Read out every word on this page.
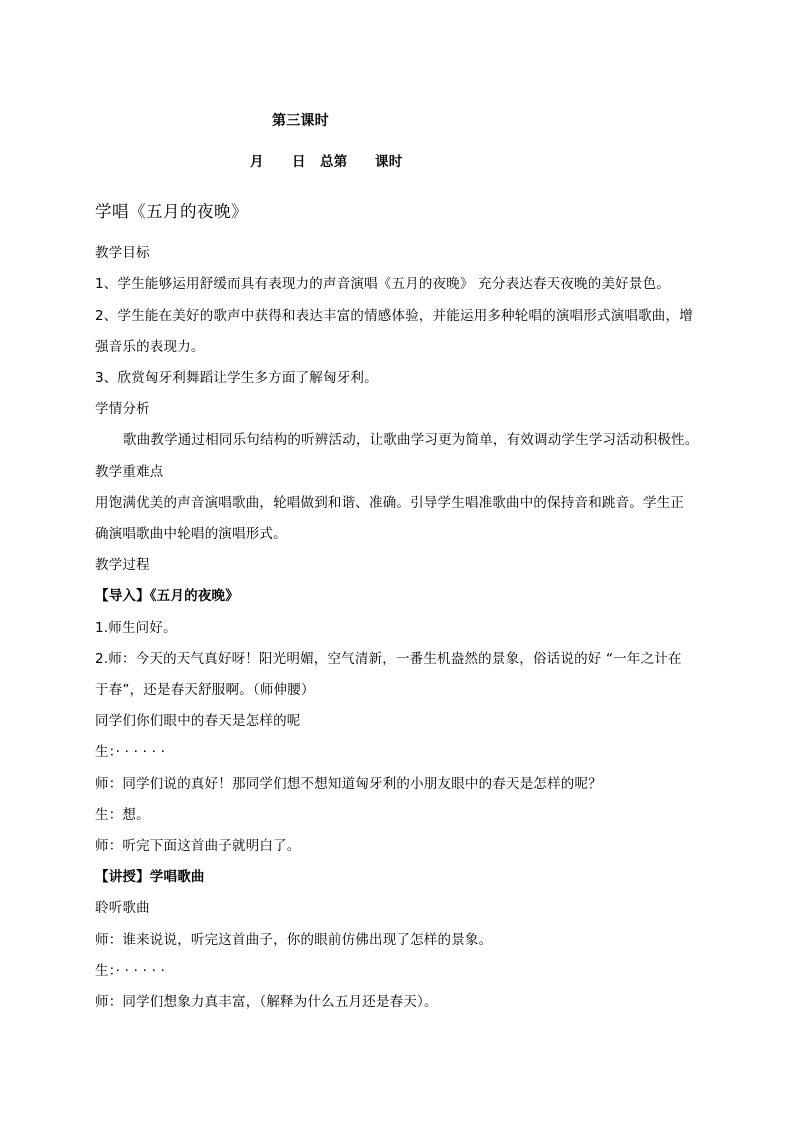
第三课时
月 日 总第 课时
学唱《五月的夜晚》
教学目标
1、学生能够运用舒缓而具有表现力的声音演唱《五月的夜晚》 充分表达春天夜晚的美好景色。
2、学生能在美好的歌声中获得和表达丰富的情感体验，并能运用多种轮唱的演唱形式演唱歌曲，增
强音乐的表现力。
3、欣赏匈牙利舞蹈让学生多方面了解匈牙利。
学情分析
歌曲教学通过相同乐句结构的听辨活动，让歌曲学习更为简单，有效调动学生学习活动积极性。
教学重难点
用饱满优美的声音演唱歌曲，轮唱做到和谐、准确。引导学生唱准歌曲中的保持音和跳音。学生正
确演唱歌曲中轮唱的演唱形式。
教学过程
【导入】《五月的夜晚》
1.师生问好。
2.师：今天的天气真好呀！阳光明媚，空气清新，一番生机盎然的景象，俗话说的好 “一年之计在
于春”，还是春天舒服啊。（师伸腰）
同学们你们眼中的春天是怎样的呢
生：· · · · · ·
师：同学们说的真好！那同学们想不想知道匈牙利的小朋友眼中的春天是怎样的呢？
生：想。
师：听完下面这首曲子就明白了。
【讲授】学唱歌曲
聆听歌曲
师：谁来说说，听完这首曲子，你的眼前仿佛出现了怎样的景象。
生：· · · · · ·
师：同学们想象力真丰富，（解释为什么五月还是春天）。
